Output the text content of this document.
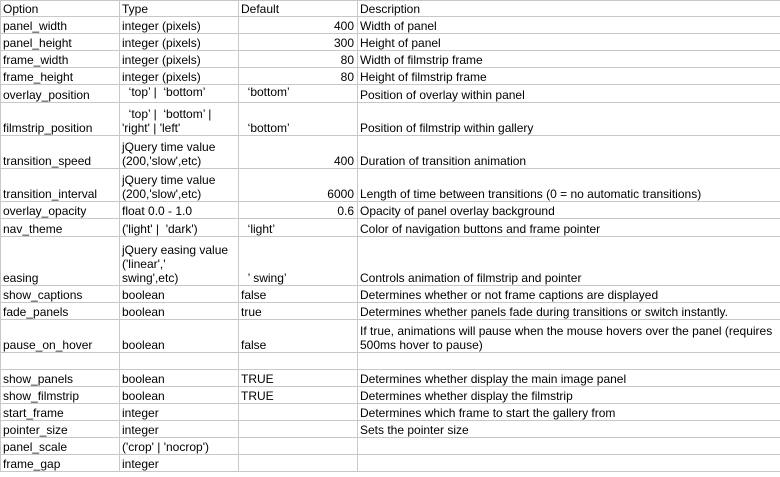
Option	Type	Default	Description
panel_width	integer (pixels)	400	Width of panel
panel_height	integer (pixels)	300	Height of panel
frame_width	integer (pixels)	80	Width of filmstrip frame
frame_height	integer (pixels)	80	Height of filmstrip frame
overlay_position	‘top’ |  ‘bottom’	‘bottom’	Position of overlay within panel
filmstrip_position	‘top’ |  ‘bottom’ |
'right' | 'left'	‘bottom’	Position of filmstrip within gallery
transition_speed	jQuery time value
(200,'slow',etc)	400	Duration of transition animation
transition_interval	jQuery time value
(200,'slow',etc)	6000	Length of time between transitions (0 = no automatic transitions)
overlay_opacity	float 0.0 - 1.0	0.6	Opacity of panel overlay background
nav_theme	('light' |  'dark')	‘light’	Color of navigation buttons and frame pointer
easing	jQuery easing value
('linear','
swing',etc)	’ swing’	Controls animation of filmstrip and pointer
show_captions	boolean	false	Determines whether or not frame captions are displayed
fade_panels	boolean	true	Determines whether panels fade during transitions or switch instantly.
pause_on_hover	boolean	false	If true, animations will pause when the mouse hovers over the panel (requires 500ms hover to pause)

show_panels	boolean	TRUE	Determines whether display the main image panel
show_filmstrip	boolean	TRUE	Determines whether display the filmstrip
start_frame	integer		Determines which frame to start the gallery from
pointer_size	integer		Sets the pointer size
panel_scale	('crop' | 'nocrop')		
frame_gap	integer		
